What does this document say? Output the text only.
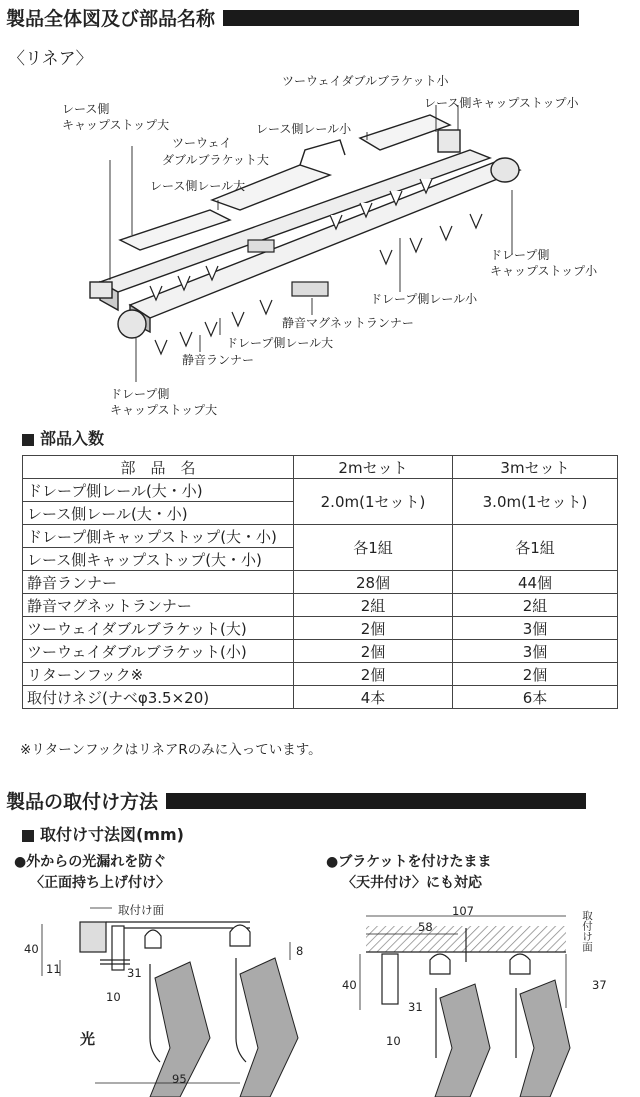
製品全体図及び部品名称
〈リネア〉
ツーウェイダブルブラケット小
レース側キャップストップ小
レース側
キャップストップ大
ツーウェイ
ダブルブラケット大
レース側レール小
レース側レール大
ドレープ側
キャップストップ小
ドレープ側レール小
静音マグネットランナー
ドレープ側レール大
静音ランナー
ドレープ側
キャップストップ大
部品入数
部　品　名	2mセット	3mセット
ドレープ側レール(大・小)	2.0m(1セット)	3.0m(1セット)
レース側レール(大・小)		
ドレープ側キャップストップ(大・小)	各1組	各1組
レース側キャップストップ(大・小)		
静音ランナー	28個	44個
静音マグネットランナー	2組	2組
ツーウェイダブルブラケット(大)	2個	3個
ツーウェイダブルブラケット(小)	2個	3個
リターンフック※	2個	2個
取付けネジ(ナベφ3.5×20)	4本	6本
※リターンフックはリネアRのみに入っています。
製品の取付け方法
取付け寸法図(mm)
●外からの光漏れを防ぐ
〈正面持ち上げ付け〉
取付け面
40
11
8
31
10
光
95
●ブラケットを付けたまま
〈天井付け〉にも対応
107
58
40	37
31
10
取付け面
